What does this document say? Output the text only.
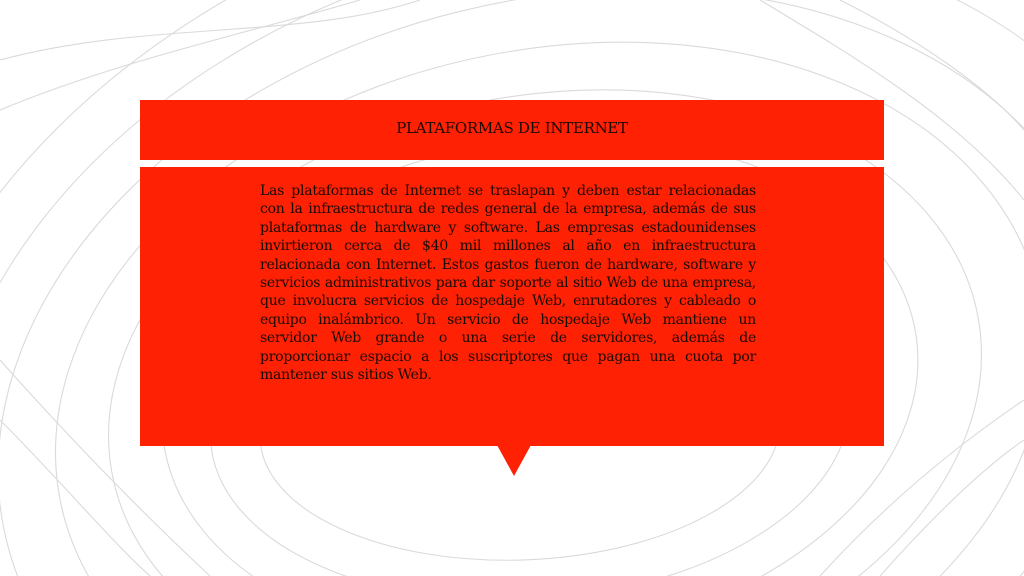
PLATAFORMAS DE INTERNET
Las plataformas de Internet se traslapan y deben estar relacionadas con la infraestructura de redes general de la empresa, además de sus plataformas de hardware y software. Las empresas estadounidenses invirtieron cerca de $40 mil millones al año en infraestructura relacionada con Internet. Estos gastos fueron de hardware, software y servicios administrativos para dar soporte al sitio Web de una empresa, que involucra servicios de hospedaje Web, enrutadores y cableado o equipo inalámbrico. Un servicio de hospedaje Web mantiene un servidor Web grande o una serie de servidores, además de proporcionar espacio a los suscriptores que pagan una cuota por mantener sus sitios Web.
